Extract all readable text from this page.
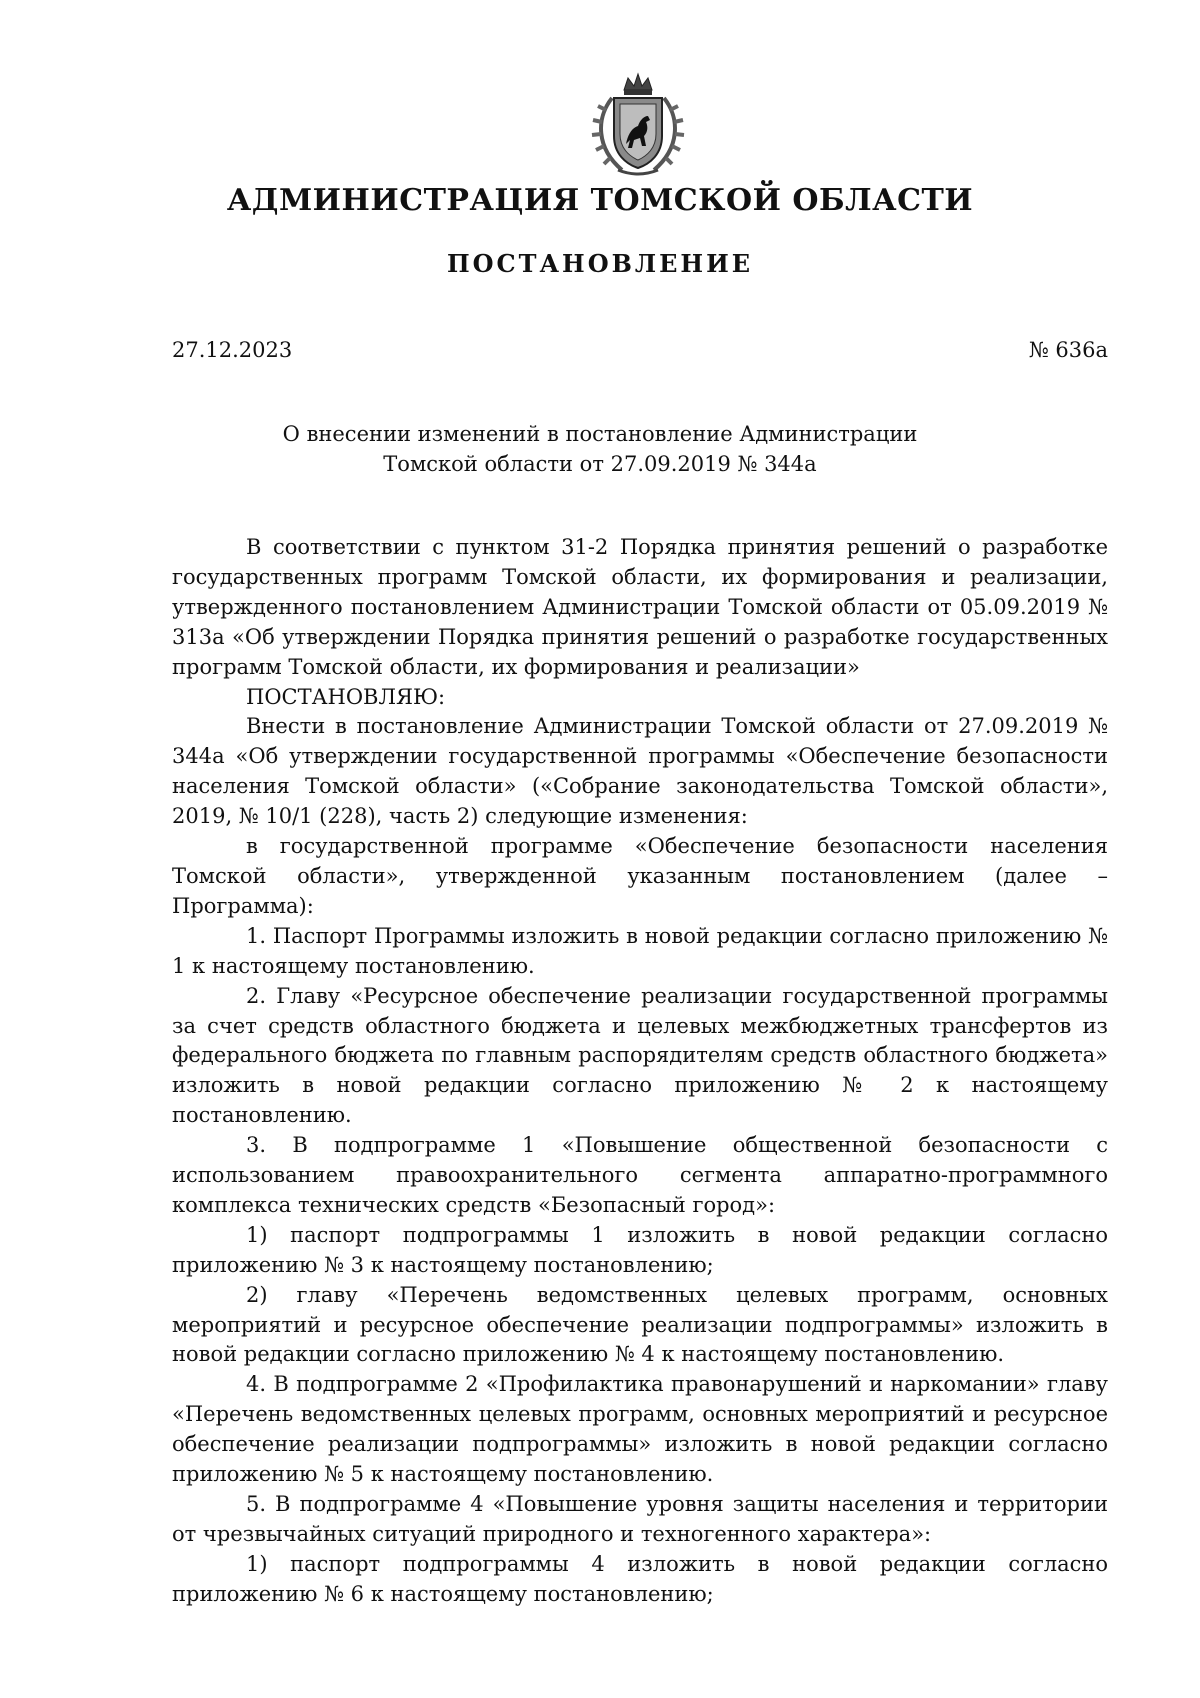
АДМИНИСТРАЦИЯ ТОМСКОЙ ОБЛАСТИ
ПОСТАНОВЛЕНИЕ
27.12.2023	№ 636а
О внесении изменений в постановление Администрации
Томской области от 27.09.2019 № 344а

В соответствии с пунктом 31-2 Порядка принятия решений о разработке государственных программ Томской области, их формирования и реализации, утвержденного постановлением Администрации Томской области от 05.09.2019 № 313а «Об утверждении Порядка принятия решений о разработке государственных программ Томской области, их формирования и реализации»

ПОСТАНОВЛЯЮ:

Внести в постановление Администрации Томской области от 27.09.2019 № 344а «Об утверждении государственной программы «Обеспечение безопасности населения Томской области» («Собрание законодательства Томской области», 2019, № 10/1 (228), часть 2) следующие изменения:

в государственной программе «Обеспечение безопасности населения Томской области», утвержденной указанным постановлением (далее – Программа):

1. Паспорт Программы изложить в новой редакции согласно приложению № 1 к настоящему постановлению.

2. Главу «Ресурсное обеспечение реализации государственной программы за счет средств областного бюджета и целевых межбюджетных трансфертов из федерального бюджета по главным распорядителям средств областного бюджета» изложить в новой редакции согласно приложению № 2 к настоящему постановлению.

3. В подпрограмме 1 «Повышение общественной безопасности с использованием правоохранительного сегмента аппаратно-программного комплекса технических средств «Безопасный город»:

1) паспорт подпрограммы 1 изложить в новой редакции согласно приложению № 3 к настоящему постановлению;

2) главу «Перечень ведомственных целевых программ, основных мероприятий и ресурсное обеспечение реализации подпрограммы» изложить в новой редакции согласно приложению № 4 к настоящему постановлению.

4. В подпрограмме 2 «Профилактика правонарушений и наркомании» главу «Перечень ведомственных целевых программ, основных мероприятий и ресурсное обеспечение реализации подпрограммы» изложить в новой редакции согласно приложению № 5 к настоящему постановлению.

5. В подпрограмме 4 «Повышение уровня защиты населения и территории от чрезвычайных ситуаций природного и техногенного характера»:

1) паспорт подпрограммы 4 изложить в новой редакции согласно приложению № 6 к настоящему постановлению;
